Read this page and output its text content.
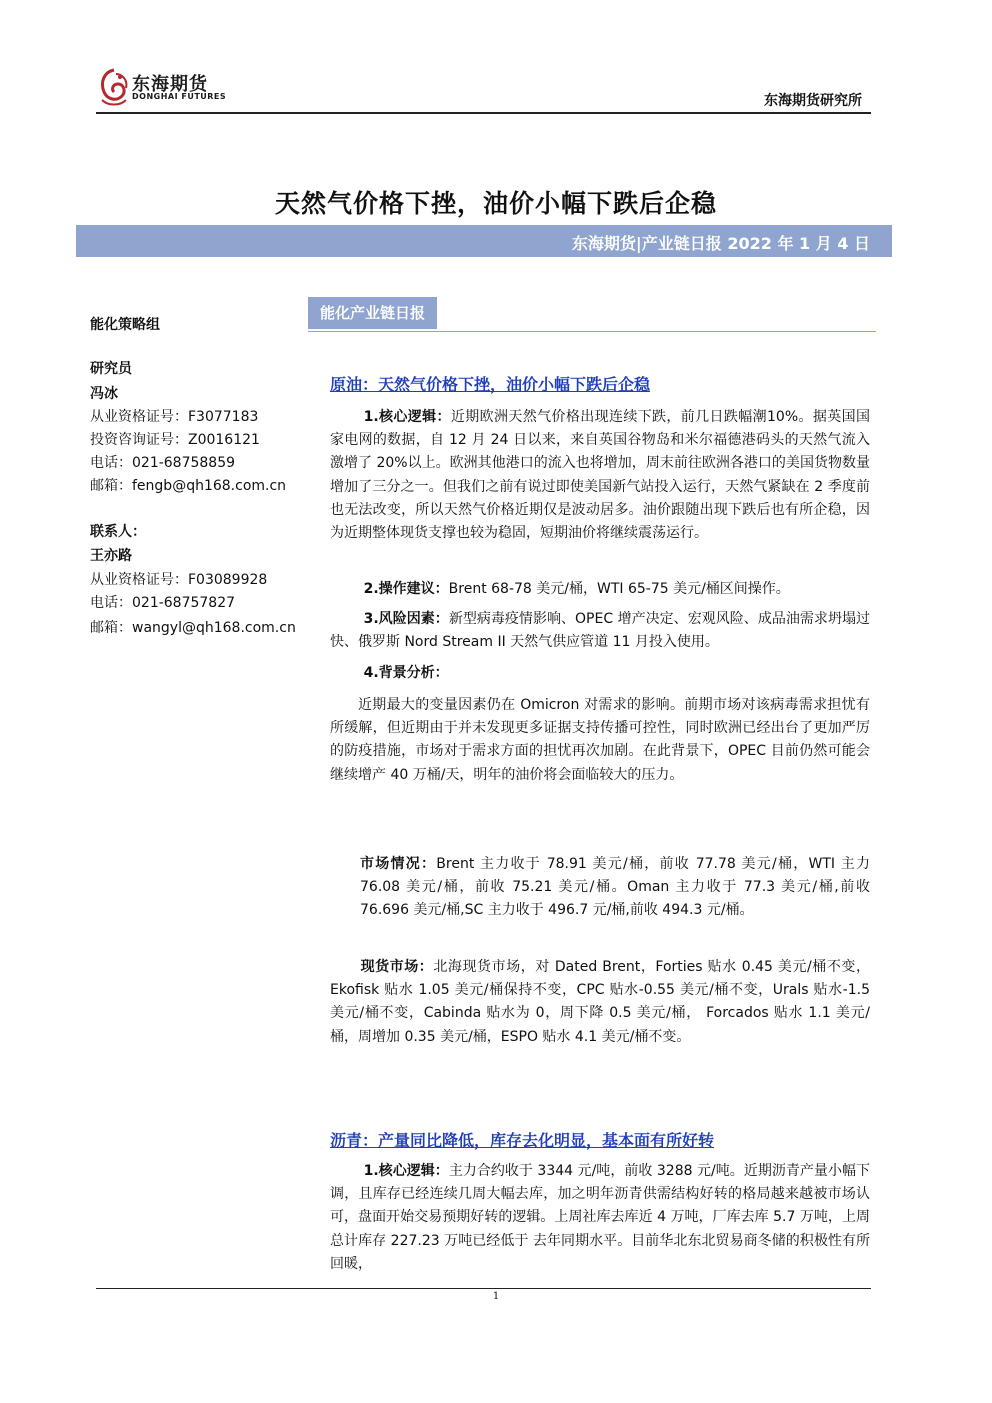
东海期货
DONGHAI FUTURES	东海期货研究所
天然气价格下挫，油价小幅下跌后企稳
东海期货|产业链日报 2022 年 1 月 4 日
能化策略组
研究员
冯冰
从业资格证号：F3077183
投资咨询证号：Z0016121
电话：021-68758859
邮箱：fengb@qh168.com.cn
联系人：
王亦路
从业资格证号：F03089928
电话：021-68757827
邮箱：wangyl@qh168.com.cn
能化产业链日报
原油：天然气价格下挫，油价小幅下跌后企稳
1.核心逻辑：近期欧洲天然气价格出现连续下跌，前几日跌幅潮10%。据英国国家电网的数据，自 12 月 24 日以来，来自英国谷物岛和米尔福德港码头的天然气流入激增了 20%以上。欧洲其他港口的流入也将增加，周末前往欧洲各港口的美国货物数量增加了三分之一。但我们之前有说过即使美国新气站投入运行，天然气紧缺在 2 季度前也无法改变，所以天然气价格近期仅是波动居多。油价跟随出现下跌后也有所企稳，因为近期整体现货支撑也较为稳固，短期油价将继续震荡运行。
2.操作建议：Brent 68-78 美元/桶，WTI 65-75 美元/桶区间操作。
3.风险因素：新型病毒疫情影响、OPEC 增产决定、宏观风险、成品油需求坍塌过快、俄罗斯 Nord Stream II 天然气供应管道 11 月投入使用。
4.背景分析：
近期最大的变量因素仍在 Omicron 对需求的影响。前期市场对该病毒需求担忧有所缓解，但近期由于并未发现更多证据支持传播可控性，同时欧洲已经出台了更加严厉的防疫措施，市场对于需求方面的担忧再次加剧。在此背景下，OPEC 目前仍然可能会继续增产 40 万桶/天，明年的油价将会面临较大的压力。
市场情况：Brent 主力收于 78.91 美元/桶，前收 77.78 美元/桶，WTI 主力 76.08 美元/桶，前收 75.21 美元/桶。Oman 主力收于 77.3 美元/桶,前收76.696 美元/桶,SC 主力收于 496.7 元/桶,前收 494.3 元/桶。
现货市场：北海现货市场，对 Dated Brent，Forties 贴水 0.45 美元/桶不变，Ekofisk 贴水 1.05 美元/桶保持不变，CPC 贴水-0.55 美元/桶不变，Urals 贴水-1.5 美元/桶不变，Cabinda 贴水为 0，周下降 0.5 美元/桶， Forcados 贴水 1.1 美元/桶，周增加 0.35 美元/桶，ESPO 贴水 4.1 美元/桶不变。
沥青：产量同比降低，库存去化明显，基本面有所好转
1.核心逻辑：主力合约收于 3344 元/吨，前收 3288 元/吨。近期沥青产量小幅下调，且库存已经连续几周大幅去库，加之明年沥青供需结构好转的格局越来越被市场认可，盘面开始交易预期好转的逻辑。上周社库去库近 4 万吨，厂库去库 5.7 万吨，上周总计库存 227.23 万吨已经低于 去年同期水平。目前华北东北贸易商冬储的积极性有所回暖，
1
